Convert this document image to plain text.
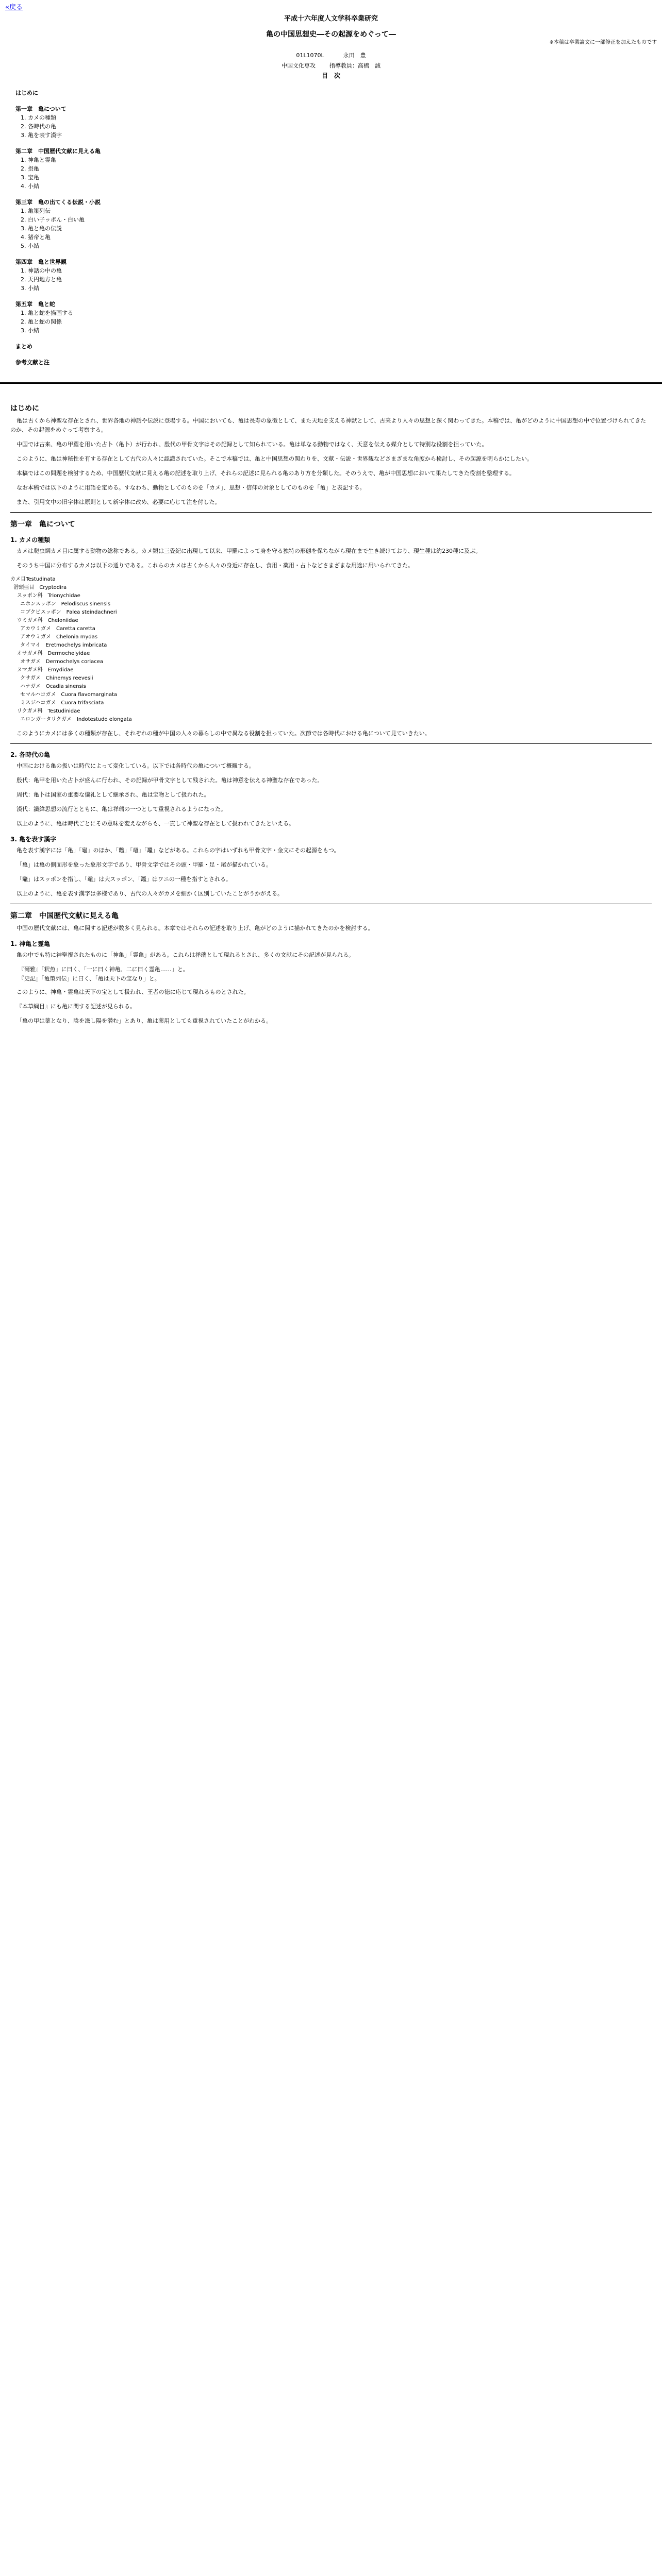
«戻る
平成十六年度人文学科卒業研究
亀の中国思想史―その起源をめぐって―
※本稿は卒業論文に一部修正を加えたものです
01L1070L	永田　豊
中国文化専攻 指導教員：高橋　誠
目　次
はじめに
第一章　亀について
1. カメの種類
2. 各時代の亀
3. 亀を表す漢字
第二章　中国歴代文献に見える亀
1. 神亀と霊亀
2. 摂亀
3. 宝亀
4. 小結
第三章　亀の出てくる伝説・小説
1. 亀策列伝
2. 白い子ッポん・白い亀
3. 亀と亀の伝説
4. 猪帝と亀
5. 小結
第四章　亀と世界観
1. 神話の中の亀
2. 天円地方と亀
3. 小結
第五章　亀と蛇
1. 亀と蛇を描画する
2. 亀と蛇の関係
3. 小結
まとめ
参考文献と注
はじめに

亀は古くから神聖な存在とされ、世界各地の神話や伝説に登場する。中国においても、亀は長寿の象徴として、また天地を支える神獣として、古来より人々の思想と深く関わってきた。本稿では、亀がどのように中国思想の中で位置づけられてきたのか、その起源をめぐって考察する。

中国では古来、亀の甲羅を用いた占卜（亀卜）が行われ、殷代の甲骨文字はその記録として知られている。亀は単なる動物ではなく、天意を伝える媒介として特別な役割を担っていた。

このように、亀は神秘性を有する存在として古代の人々に認識されていた。そこで本稿では、亀と中国思想の関わりを、文献・伝説・世界観などさまざまな角度から検討し、その起源を明らかにしたい。

本稿ではこの問題を検討するため、中国歴代文献に見える亀の記述を取り上げ、それらの記述に見られる亀のあり方を分類した。そのうえで、亀が中国思想において果たしてきた役割を整理する。

なお本稿では以下のように用語を定める。すなわち、動物としてのものを「カメ」、思想・信仰の対象としてのものを「亀」と表記する。

また、引用文中の旧字体は原則として新字体に改め、必要に応じて注を付した。

第一章　亀について
1. カメの種類

カメは爬虫綱カメ目に属する動物の総称である。カメ類は三畳紀に出現して以来、甲羅によって身を守る独特の形態を保ちながら現在まで生き続けており、現生種は約230種に及ぶ。

そのうち中国に分布するカメは以下の通りである。これらのカメは古くから人々の身近に存在し、食用・薬用・占卜などさまざまな用途に用いられてきた。

カメ目Testudinata
潜頸亜目　Cryptodira
スッポン科　Trionychidae
ニホンスッポン　Pelodiscus sinensis
コブクビスッポン　Palea steindachneri
ウミガメ科　Cheloniidae
アカウミガメ　Caretta caretta
アオウミガメ　Chelonia mydas
タイマイ　Eretmochelys imbricata
オサガメ科　Dermochelyidae
オサガメ　Dermochelys coriacea
ヌマガメ科　Emydidae
クサガメ　Chinemys reevesii
ハナガメ　Ocadia sinensis
セマルハコガメ　Cuora flavomarginata
ミスジハコガメ　Cuora trifasciata
リクガメ科　Testudinidae
エロンガータリクガメ　Indotestudo elongata

このようにカメには多くの種類が存在し、それぞれの種が中国の人々の暮らしの中で異なる役割を担っていた。次節では各時代における亀について見ていきたい。

2. 各時代の亀

中国における亀の扱いは時代によって変化している。以下では各時代の亀について概観する。

殷代：亀甲を用いた占卜が盛んに行われ、その記録が甲骨文字として残された。亀は神意を伝える神聖な存在であった。

周代：亀卜は国家の重要な儀礼として継承され、亀は宝物として扱われた。

漢代：讖緯思想の流行とともに、亀は祥瑞の一つとして重視されるようになった。

以上のように、亀は時代ごとにその意味を変えながらも、一貫して神聖な存在として扱われてきたといえる。

3. 亀を表す漢字

亀を表す漢字には「亀」「龜」のほか、「鼈」「黿」「鼉」などがある。これらの字はいずれも甲骨文字・金文にその起源をもつ。

「亀」は亀の側面形を象った象形文字であり、甲骨文字ではその頭・甲羅・足・尾が描かれている。

「鼈」はスッポンを指し、「黿」は大スッポン、「鼉」はワニの一種を指すとされる。

以上のように、亀を表す漢字は多様であり、古代の人々がカメを細かく区別していたことがうかがえる。

第二章　中国歴代文献に見える亀

中国の歴代文献には、亀に関する記述が数多く見られる。本章ではそれらの記述を取り上げ、亀がどのように描かれてきたのかを検討する。

1. 神亀と霊亀

亀の中でも特に神聖視されたものに「神亀」「霊亀」がある。これらは祥瑞として現れるとされ、多くの文献にその記述が見られる。

『爾雅』「釈魚」に曰く、「一に曰く神亀、二に曰く霊亀……」と。
『史記』「亀策列伝」に曰く、「亀は天下の宝なり」と。

このように、神亀・霊亀は天下の宝として扱われ、王者の徳に応じて現れるものとされた。

『本草綱目』にも亀に関する記述が見られる。

「亀の甲は薬となり、陰を滋し陽を潜む」とあり、亀は薬用としても重視されていたことがわかる。
